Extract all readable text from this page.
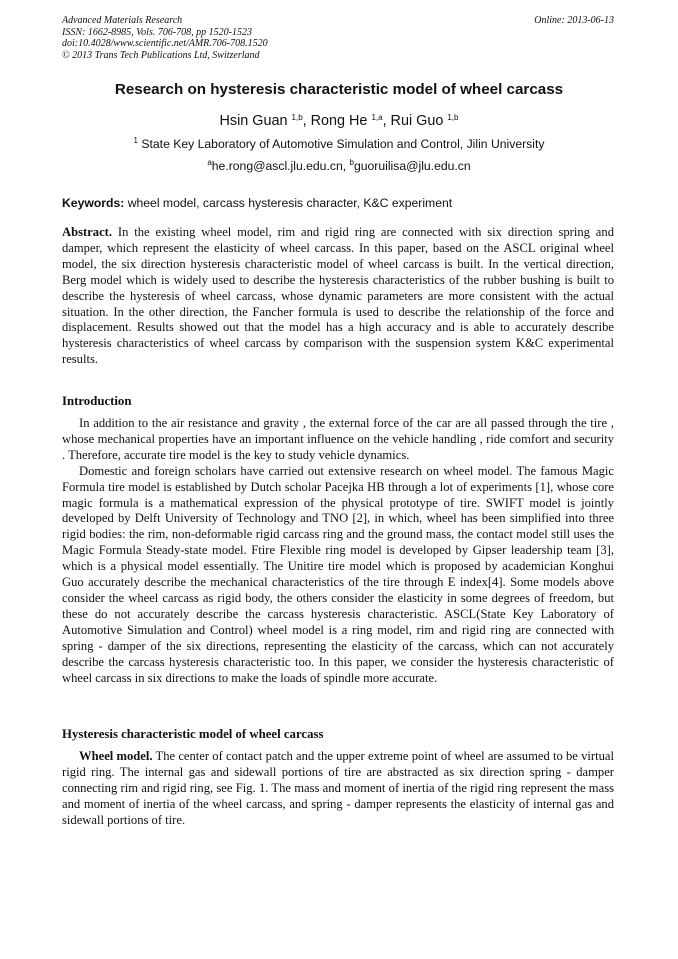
Advanced Materials Research
ISSN: 1662-8985, Vols. 706-708, pp 1520-1523
doi:10.4028/www.scientific.net/AMR.706-708.1520
© 2013 Trans Tech Publications Ltd, Switzerland
Online: 2013-06-13
Research on hysteresis characteristic model of wheel carcass
Hsin Guan $^{1,b}$, Rong He $^{1,a}$, Rui Guo $^{1,b}$
$^1$ State Key Laboratory of Automotive Simulation and Control, Jilin University
$^a$he.rong@ascl.jlu.edu.cn, $^b$guoruilisa@jlu.edu.cn
Keywords: wheel model, carcass hysteresis character, K&C experiment

Abstract. In the existing wheel model, rim and rigid ring are connected with six direction spring and damper, which represent the elasticity of wheel carcass. In this paper, based on the ASCL original wheel model, the six direction hysteresis characteristic model of wheel carcass is built. In the vertical direction, Berg model which is widely used to describe the hysteresis characteristics of the rubber bushing is built to describe the hysteresis of wheel carcass, whose dynamic parameters are more consistent with the actual situation. In the other direction, the Fancher formula is used to describe the relationship of the force and displacement. Results showed out that the model has a high accuracy and is able to accurately describe hysteresis characteristics of wheel carcass by comparison with the suspension system K&C experimental results.

Introduction

In addition to the air resistance and gravity , the external force of the car are all passed through the tire , whose mechanical properties have an important influence on the vehicle handling , ride comfort and security . Therefore, accurate tire model is the key to study vehicle dynamics.

Domestic and foreign scholars have carried out extensive research on wheel model. The famous Magic Formula tire model is established by Dutch scholar Pacejka HB through a lot of experiments [1], whose core magic formula is a mathematical expression of the physical prototype of tire. SWIFT model is jointly developed by Delft University of Technology and TNO [2], in which, wheel has been simplified into three rigid bodies: the rim, non-deformable rigid carcass ring and the ground mass, the contact model still uses the Magic Formula Steady-state model. Ftire Flexible ring model is developed by Gipser leadership team [3], which is a physical model essentially. The Unitire tire model which is proposed by academician Konghui Guo accurately describe the mechanical characteristics of the tire through E index[4]. Some models above consider the wheel carcass as rigid body, the others consider the elasticity in some degrees of freedom, but these do not accurately describe the carcass hysteresis characteristic. ASCL(State Key Laboratory of Automotive Simulation and Control) wheel model is a ring model, rim and rigid ring are connected with spring - damper of the six directions, representing the elasticity of the carcass, which can not accurately describe the carcass hysteresis characteristic too. In this paper, we consider the hysteresis characteristic of wheel carcass in six directions to make the loads of spindle more accurate.

Hysteresis characteristic model of wheel carcass

Wheel model. The center of contact patch and the upper extreme point of wheel are assumed to be virtual rigid ring. The internal gas and sidewall portions of tire are abstracted as six direction spring - damper connecting rim and rigid ring, see Fig. 1. The mass and moment of inertia of the rigid ring represent the mass and moment of inertia of the wheel carcass, and spring - damper represents the elasticity of internal gas and sidewall portions of tire.
